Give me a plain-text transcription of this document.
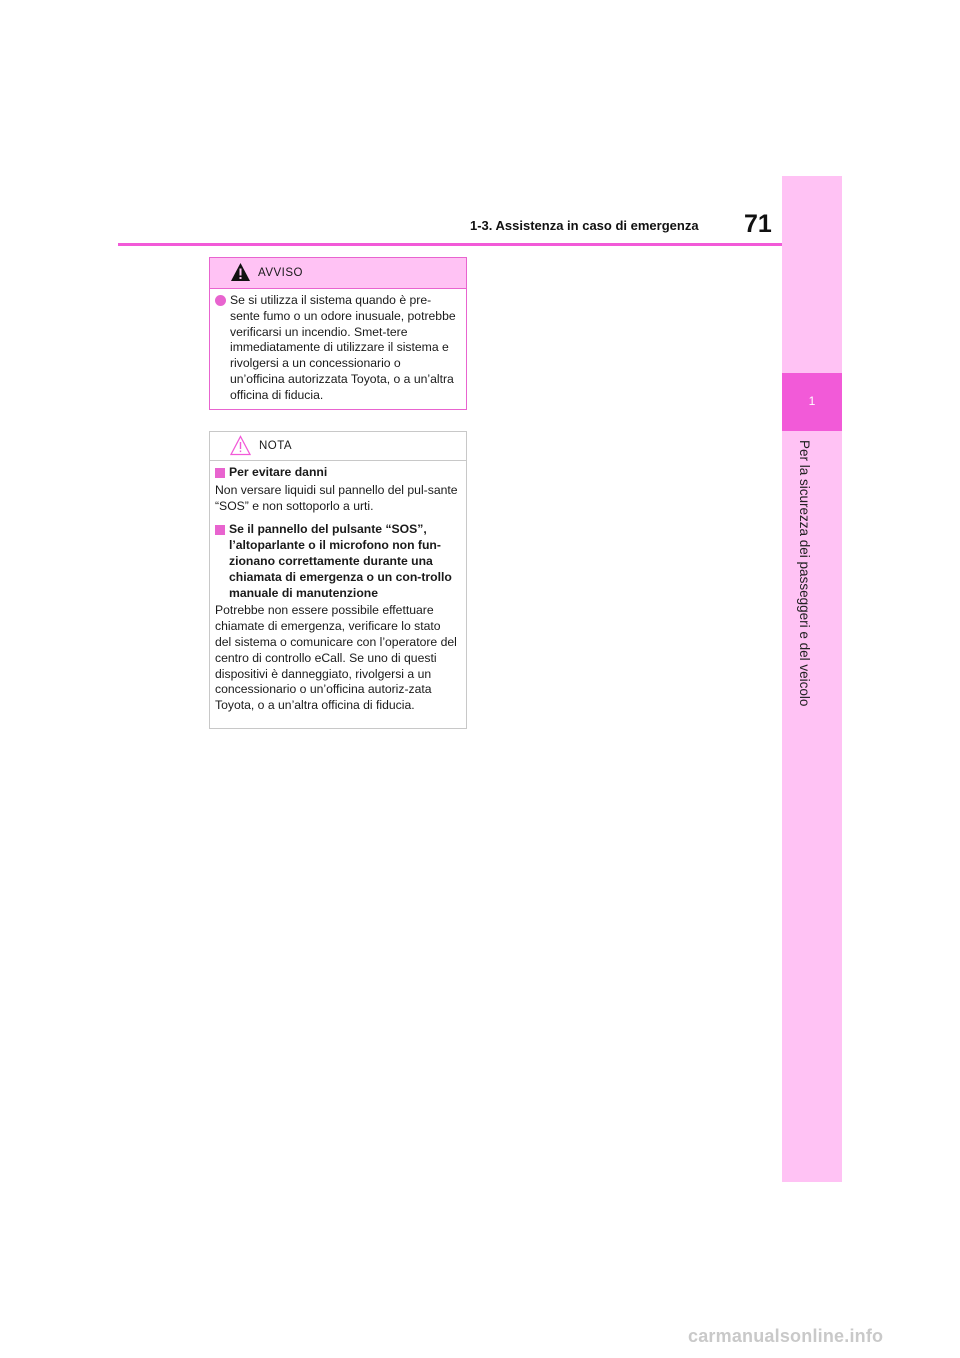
1
Per la sicurezza dei passeggeri e del veicolo
71
1-3. Assistenza in caso di emergenza
AVVISO
Se si utilizza il sistema quando è pre-sente fumo o un odore inusuale, potrebbe verificarsi un incendio. Smet-tere immediatamente di utilizzare il sistema e rivolgersi a un concessionario o un’officina autorizzata Toyota, o a un’altra officina di fiducia.
NOTA
Per evitare danni
Non versare liquidi sul pannello del pul-sante “SOS” e non sottoporlo a urti.
Se il pannello del pulsante “SOS”, l’altoparlante o il microfono non fun-zionano correttamente durante una chiamata di emergenza o un con-trollo manuale di manutenzione
Potrebbe non essere possibile effettuare chiamate di emergenza, verificare lo stato del sistema o comunicare con l’operatore del centro di controllo eCall. Se uno di questi dispositivi è danneggiato, rivolgersi a un concessionario o un’officina autoriz-zata Toyota, o a un’altra officina di fiducia.
carmanualsonline.info
